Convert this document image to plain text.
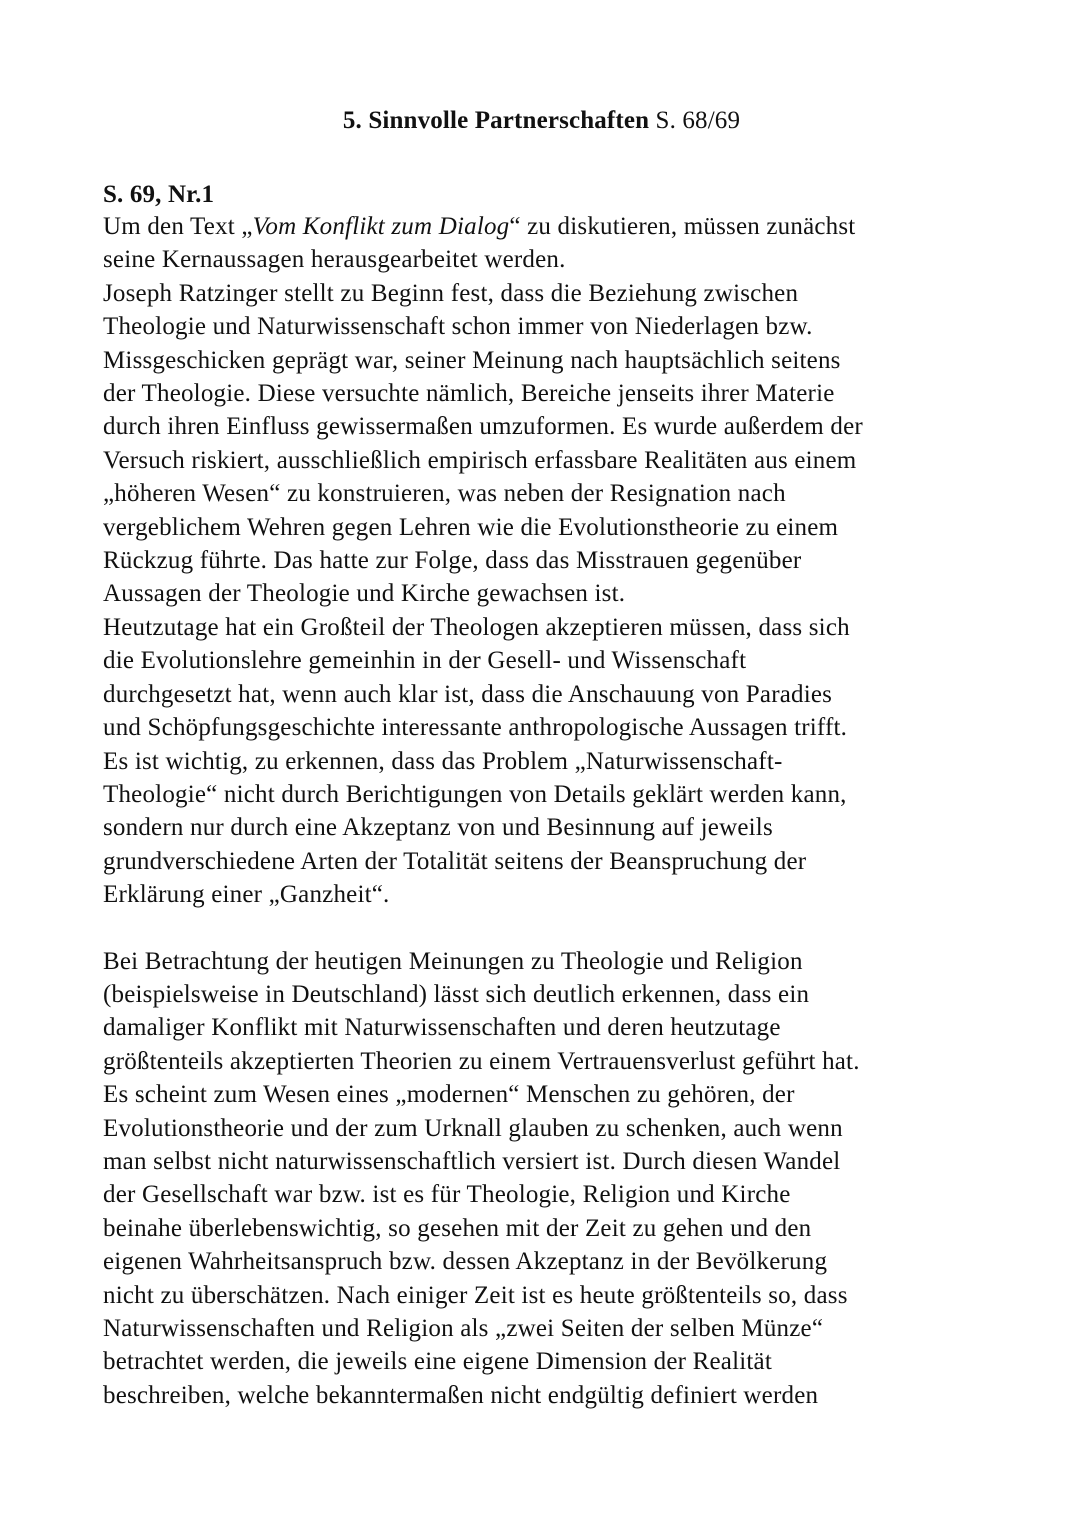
5. Sinnvolle Partnerschaften S. 68/69
S. 69, Nr.1
Um den Text „Vom Konflikt zum Dialog“ zu diskutieren, müssen zunächst
seine Kernaussagen herausgearbeitet werden.
Joseph Ratzinger stellt zu Beginn fest, dass die Beziehung zwischen
Theologie und Naturwissenschaft schon immer von Niederlagen bzw.
Missgeschicken geprägt war, seiner Meinung nach hauptsächlich seitens
der Theologie. Diese versuchte nämlich, Bereiche jenseits ihrer Materie
durch ihren Einfluss gewissermaßen umzuformen. Es wurde außerdem der
Versuch riskiert, ausschließlich empirisch erfassbare Realitäten aus einem
„höheren Wesen“ zu konstruieren, was neben der Resignation nach
vergeblichem Wehren gegen Lehren wie die Evolutionstheorie zu einem
Rückzug führte. Das hatte zur Folge, dass das Misstrauen gegenüber
Aussagen der Theologie und Kirche gewachsen ist.
Heutzutage hat ein Großteil der Theologen akzeptieren müssen, dass sich
die Evolutionslehre gemeinhin in der Gesell- und Wissenschaft
durchgesetzt hat, wenn auch klar ist, dass die Anschauung von Paradies
und Schöpfungsgeschichte interessante anthropologische Aussagen trifft.
Es ist wichtig, zu erkennen, dass das Problem „Naturwissenschaft-
Theologie“ nicht durch Berichtigungen von Details geklärt werden kann,
sondern nur durch eine Akzeptanz von und Besinnung auf jeweils
grundverschiedene Arten der Totalität seitens der Beanspruchung der
Erklärung einer „Ganzheit“.
Bei Betrachtung der heutigen Meinungen zu Theologie und Religion
(beispielsweise in Deutschland) lässt sich deutlich erkennen, dass ein
damaliger Konflikt mit Naturwissenschaften und deren heutzutage
größtenteils akzeptierten Theorien zu einem Vertrauensverlust geführt hat.
Es scheint zum Wesen eines „modernen“ Menschen zu gehören, der
Evolutionstheorie und der zum Urknall glauben zu schenken, auch wenn
man selbst nicht naturwissenschaftlich versiert ist. Durch diesen Wandel
der Gesellschaft war bzw. ist es für Theologie, Religion und Kirche
beinahe überlebenswichtig, so gesehen mit der Zeit zu gehen und den
eigenen Wahrheitsanspruch bzw. dessen Akzeptanz in der Bevölkerung
nicht zu überschätzen. Nach einiger Zeit ist es heute größtenteils so, dass
Naturwissenschaften und Religion als „zwei Seiten der selben Münze“
betrachtet werden, die jeweils eine eigene Dimension der Realität
beschreiben, welche bekanntermaßen nicht endgültig definiert werden
